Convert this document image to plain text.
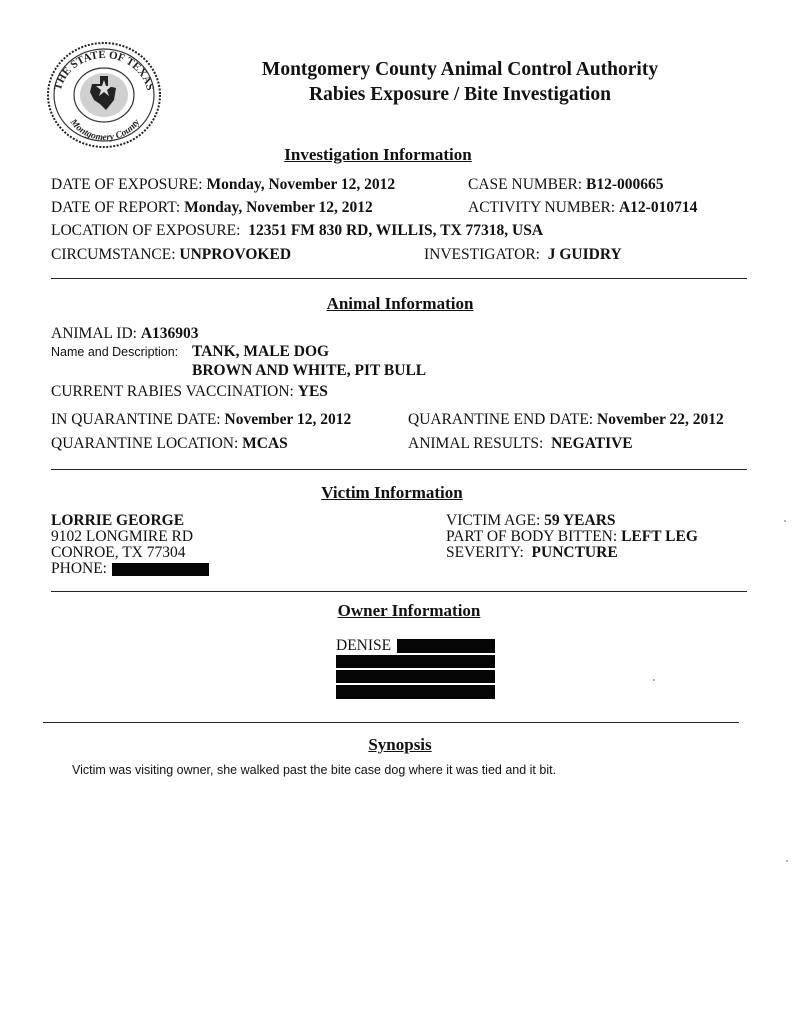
THE STATE OF TEXAS
Montgomery County
Montgomery County Animal Control Authority
Rabies Exposure / Bite Investigation
Investigation Information
DATE OF EXPOSURE: Monday, November 12, 2012	CASE NUMBER: B12-000665
DATE OF REPORT: Monday, November 12, 2012	ACTIVITY NUMBER: A12-010714
LOCATION OF EXPOSURE: 12351 FM 830 RD, WILLIS, TX 77318, USA
CIRCUMSTANCE: UNPROVOKED	INVESTIGATOR: J GUIDRY
Animal Information
ANIMAL ID: A136903
Name and Description: TANK, MALE DOG
BROWN AND WHITE, PIT BULL
CURRENT RABIES VACCINATION: YES
IN QUARANTINE DATE: November 12, 2012	QUARANTINE END DATE: November 22, 2012
QUARANTINE LOCATION: MCAS	ANIMAL RESULTS: NEGATIVE
Victim Information
LORRIE GEORGE
9102 LONGMIRE RD
CONROE, TX 77304
PHONE:
VICTIM AGE: 59 YEARS
PART OF BODY BITTEN: LEFT LEG
SEVERITY: PUNCTURE
Owner Information
DENISE
Synopsis
Victim was visiting owner, she walked past the bite case dog where it was tied and it bit.
